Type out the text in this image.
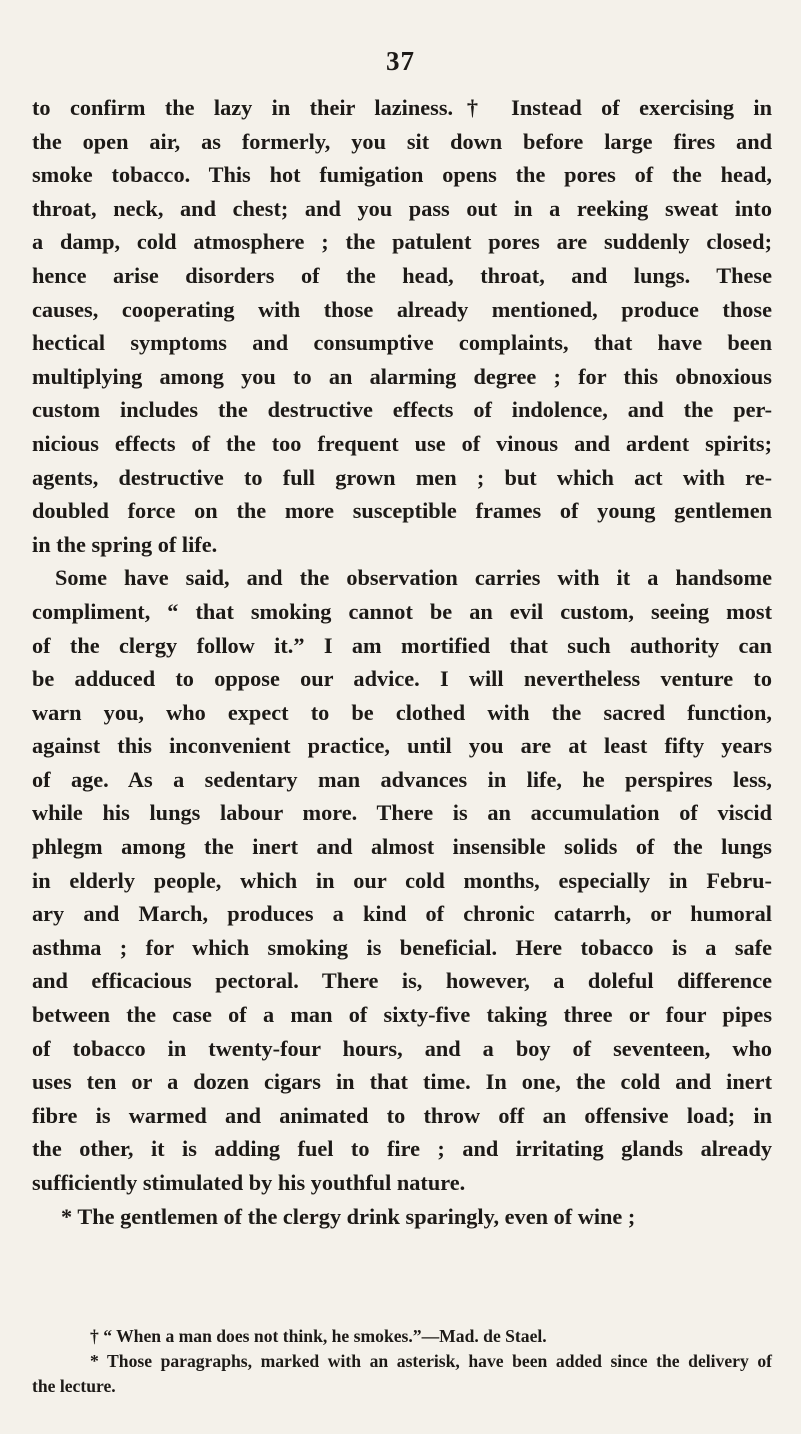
37
to confirm the lazy in their laziness.† Instead of exercising in
the open air, as formerly, you sit down before large fires and
smoke tobacco. This hot fumigation opens the pores of the head,
throat, neck, and chest; and you pass out in a reeking sweat into
a damp, cold atmosphere ; the patulent pores are suddenly closed;
hence arise disorders of the head, throat, and lungs. These
causes, cooperating with those already mentioned, produce those
hectical symptoms and consumptive complaints, that have been
multiplying among you to an alarming degree ; for this obnoxious
custom includes the destructive effects of indolence, and the per-
nicious effects of the too frequent use of vinous and ardent spirits;
agents, destructive to full grown men ; but which act with re-
doubled force on the more susceptible frames of young gentlemen
in the spring of life.
Some have said, and the observation carries with it a handsome
compliment, “ that smoking cannot be an evil custom, seeing most
of the clergy follow it.” I am mortified that such authority can
be adduced to oppose our advice. I will nevertheless venture to
warn you, who expect to be clothed with the sacred function,
against this inconvenient practice, until you are at least fifty years
of age. As a sedentary man advances in life, he perspires less,
while his lungs labour more. There is an accumulation of viscid
phlegm among the inert and almost insensible solids of the lungs
in elderly people, which in our cold months, especially in Febru-
ary and March, produces a kind of chronic catarrh, or humoral
asthma ; for which smoking is beneficial. Here tobacco is a safe
and efficacious pectoral. There is, however, a doleful difference
between the case of a man of sixty-five taking three or four pipes
of tobacco in twenty-four hours, and a boy of seventeen, who
uses ten or a dozen cigars in that time. In one, the cold and inert
fibre is warmed and animated to throw off an offensive load; in
the other, it is adding fuel to fire ; and irritating glands already
sufficiently stimulated by his youthful nature.
* The gentlemen of the clergy drink sparingly, even of wine ;
† “ When a man does not think, he smokes.”—Mad. de Stael.
* Those paragraphs, marked with an asterisk, have been added since the delivery of
the lecture.
